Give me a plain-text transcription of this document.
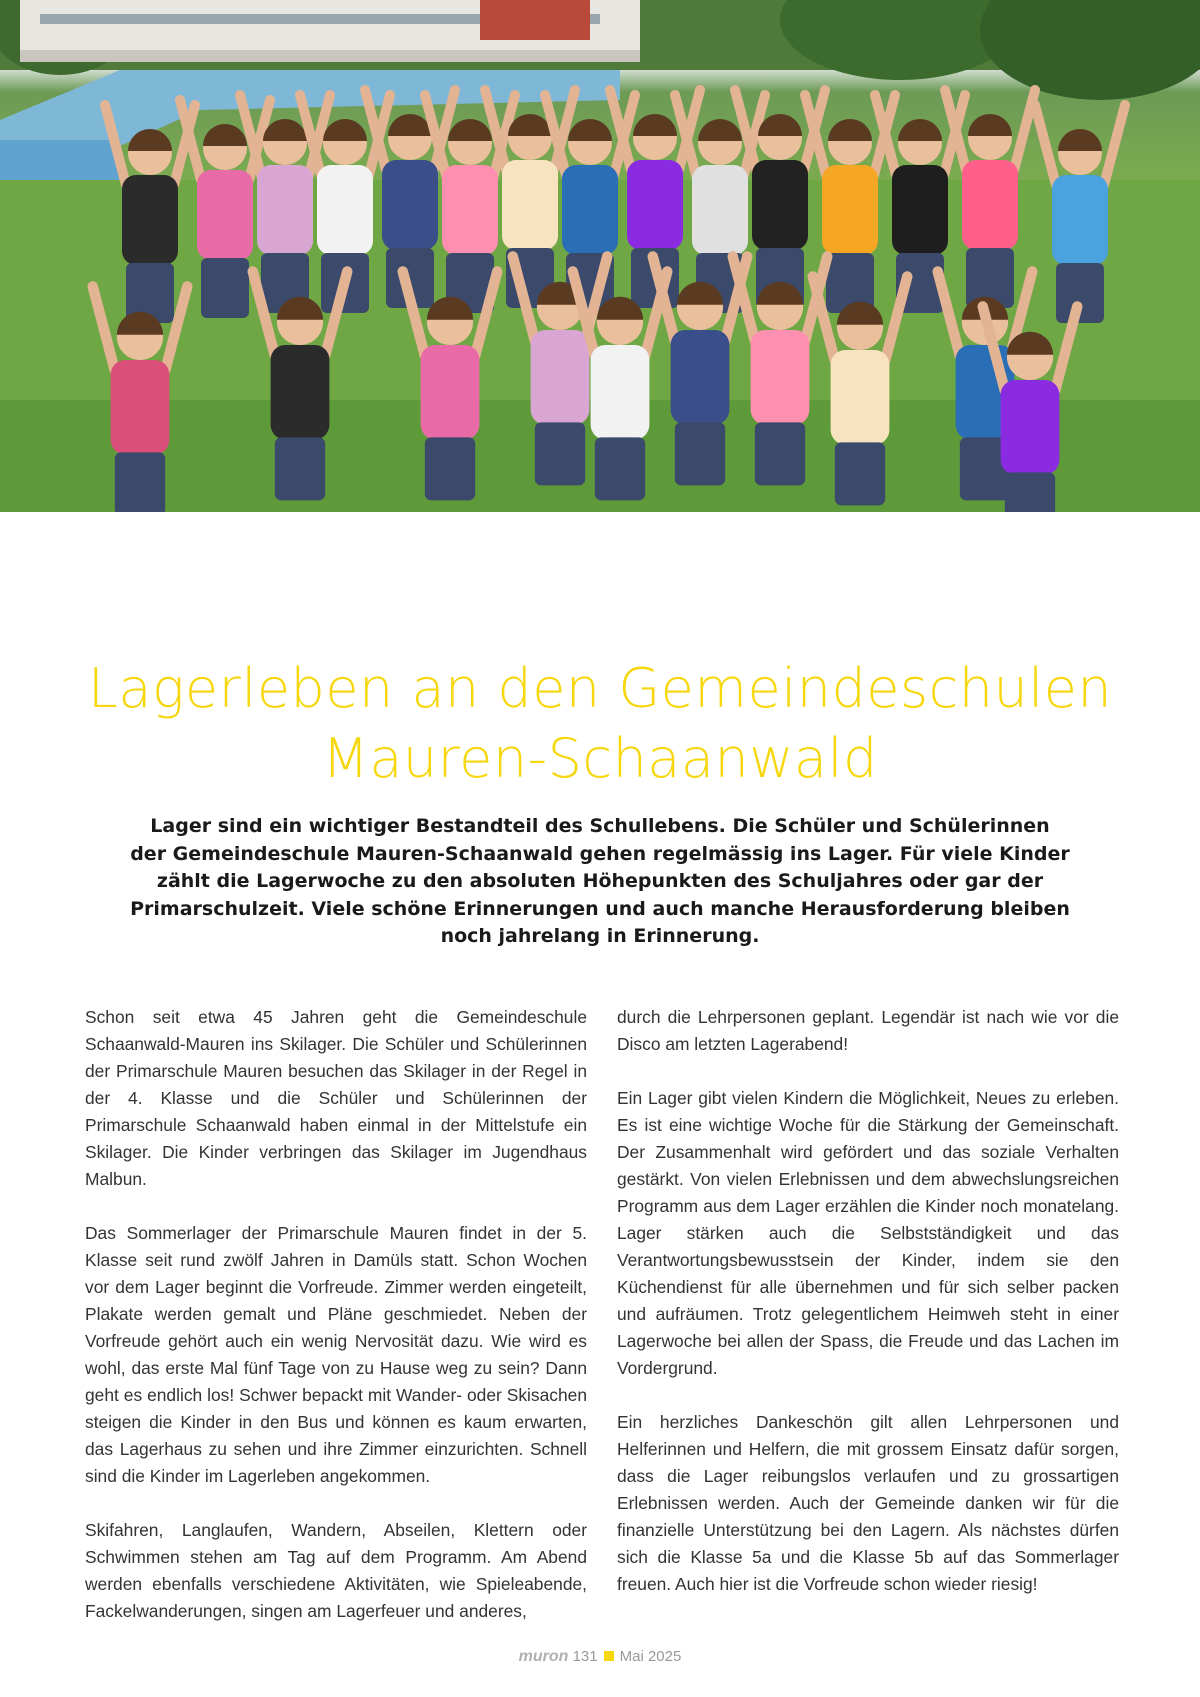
Lagerleben an den Gemeindeschulen
Mauren-Schaanwald

Lager sind ein wichtiger Bestandteil des Schullebens. Die Schüler und Schülerinnen der Gemeindeschule Mauren-Schaanwald gehen regelmässig ins Lager. Für viele Kinder zählt die Lagerwoche zu den absoluten Höhepunkten des Schuljahres oder gar der Primarschulzeit. Viele schöne Erinnerungen und auch manche Herausforderung bleiben noch jahrelang in Erinnerung.

Schon seit etwa 45 Jahren geht die Gemeindeschule Schaanwald-Mauren ins Skilager. Die Schüler und Schülerinnen der Primarschule Mauren besuchen das Skilager in der Regel in der 4. Klasse und die Schüler und Schülerinnen der Primarschule Schaanwald haben einmal in der Mittelstufe ein Skilager. Die Kinder verbringen das Skilager im Jugendhaus Malbun.

Das Sommerlager der Primarschule Mauren findet in der 5. Klasse seit rund zwölf Jahren in Damüls statt. Schon Wochen vor dem Lager beginnt die Vorfreude. Zimmer werden eingeteilt, Plakate werden gemalt und Pläne geschmiedet. Neben der Vorfreude gehört auch ein wenig Nervosität dazu. Wie wird es wohl, das erste Mal fünf Tage von zu Hause weg zu sein? Dann geht es endlich los! Schwer bepackt mit Wander- oder Skisachen steigen die Kinder in den Bus und können es kaum erwarten, das Lagerhaus zu sehen und ihre Zimmer einzurichten. Schnell sind die Kinder im Lagerleben angekommen.

Skifahren, Langlaufen, Wandern, Abseilen, Klettern oder Schwimmen stehen am Tag auf dem Programm. Am Abend werden ebenfalls verschiedene Aktivitäten, wie Spieleabende, Fackelwanderungen, singen am Lagerfeuer und anderes,

durch die Lehrpersonen geplant. Legendär ist nach wie vor die Disco am letzten Lagerabend!

Ein Lager gibt vielen Kindern die Möglichkeit, Neues zu erleben. Es ist eine wichtige Woche für die Stärkung der Gemeinschaft. Der Zusammenhalt wird gefördert und das soziale Verhalten gestärkt. Von vielen Erlebnissen und dem abwechslungsreichen Programm aus dem Lager erzählen die Kinder noch monatelang. Lager stärken auch die Selbstständigkeit und das Verantwortungsbewusstsein der Kinder, indem sie den Küchendienst für alle übernehmen und für sich selber packen und aufräumen. Trotz gelegentlichem Heimweh steht in einer Lagerwoche bei allen der Spass, die Freude und das Lachen im Vordergrund.

Ein herzliches Dankeschön gilt allen Lehrpersonen und Helferinnen und Helfern, die mit grossem Einsatz dafür sorgen, dass die Lager reibungslos verlaufen und zu grossartigen Erlebnissen werden. Auch der Gemeinde danken wir für die finanzielle Unterstützung bei den Lagern. Als nächstes dürfen sich die Klasse 5a und die Klasse 5b auf das Sommerlager freuen. Auch hier ist die Vorfreude schon wieder riesig!

muron 131 Mai 2025
